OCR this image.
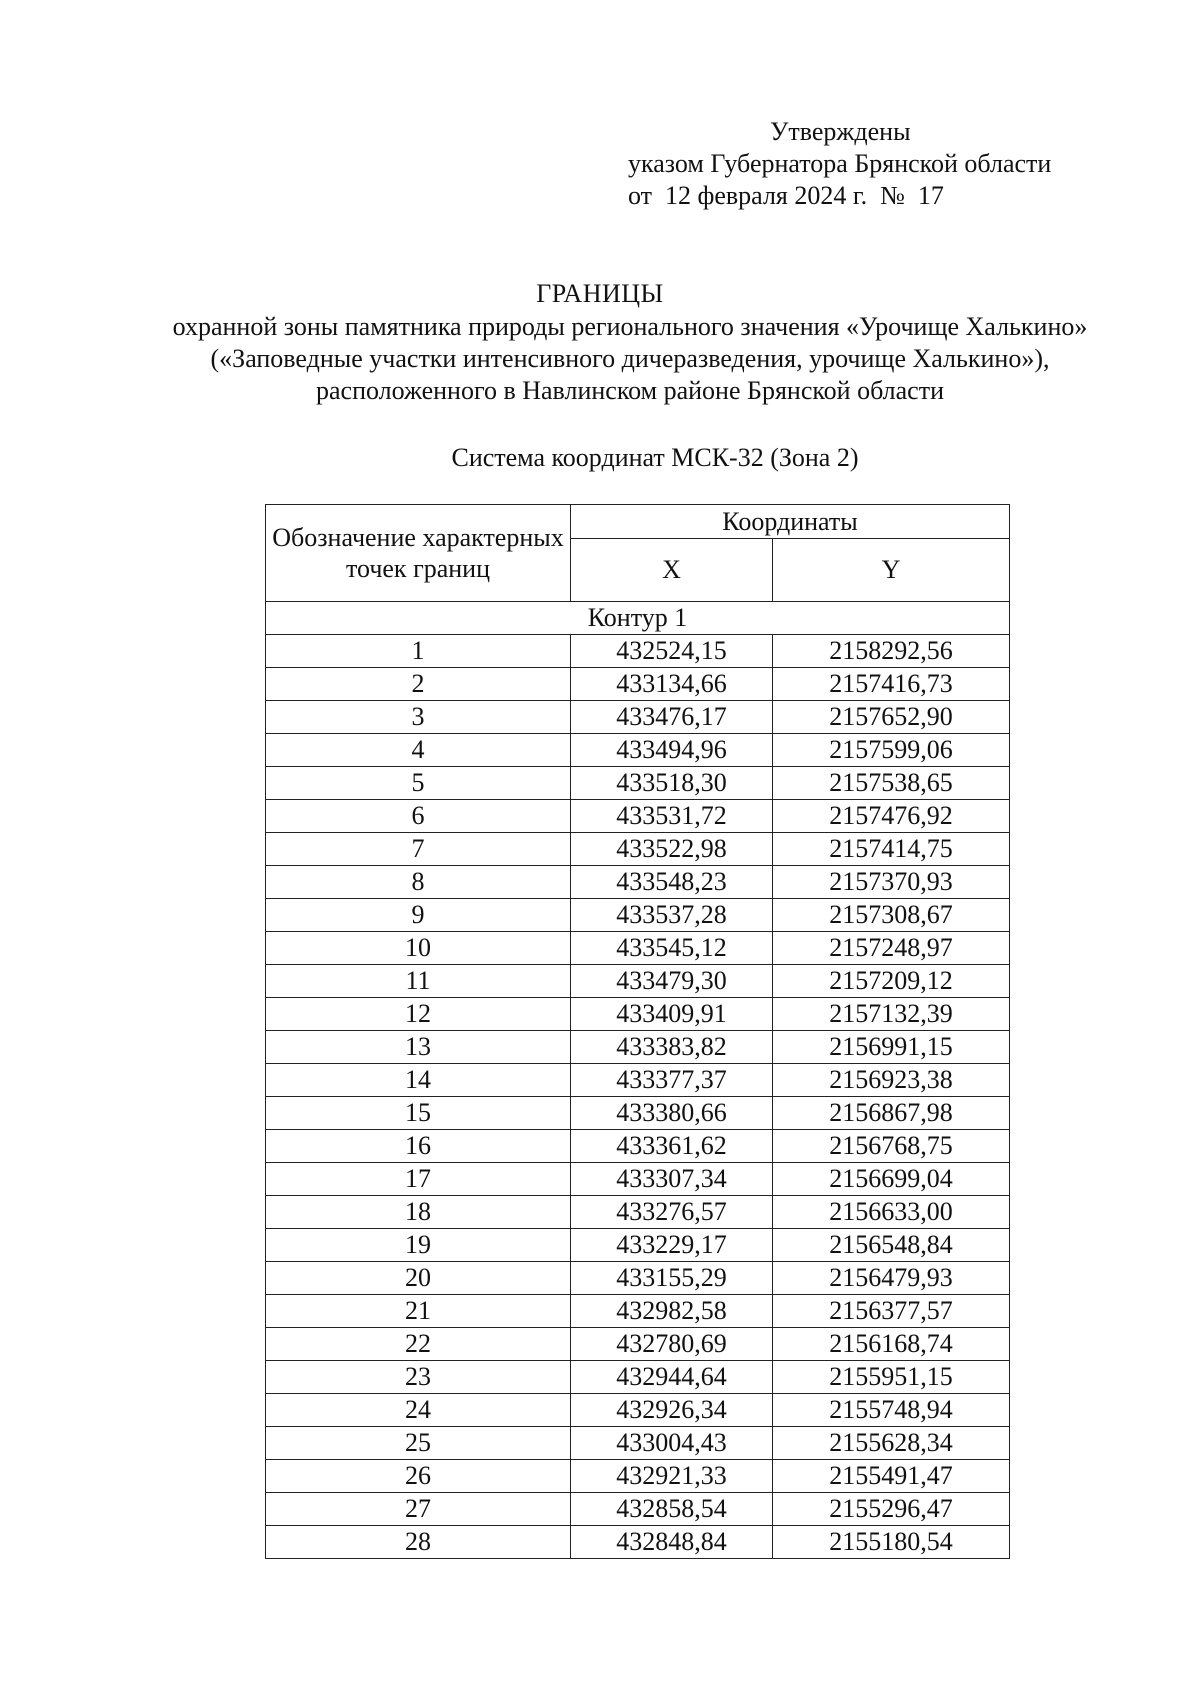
Утверждены
указом Губернатора Брянской области
от  12 февраля 2024 г.  №  17
ГРАНИЦЫ
охранной зоны памятника природы регионального значения «Урочище Халькино» («Заповедные участки интенсивного дичеразведения, урочище Халькино»), расположенного в Навлинском районе Брянской области
Система координат МСК-32 (Зона 2)
Обозначение характерных точек границ	Координаты	
	X	Y
Контур 1		
1	432524,15	2158292,56
2	433134,66	2157416,73
3	433476,17	2157652,90
4	433494,96	2157599,06
5	433518,30	2157538,65
6	433531,72	2157476,92
7	433522,98	2157414,75
8	433548,23	2157370,93
9	433537,28	2157308,67
10	433545,12	2157248,97
11	433479,30	2157209,12
12	433409,91	2157132,39
13	433383,82	2156991,15
14	433377,37	2156923,38
15	433380,66	2156867,98
16	433361,62	2156768,75
17	433307,34	2156699,04
18	433276,57	2156633,00
19	433229,17	2156548,84
20	433155,29	2156479,93
21	432982,58	2156377,57
22	432780,69	2156168,74
23	432944,64	2155951,15
24	432926,34	2155748,94
25	433004,43	2155628,34
26	432921,33	2155491,47
27	432858,54	2155296,47
28	432848,84	2155180,54
